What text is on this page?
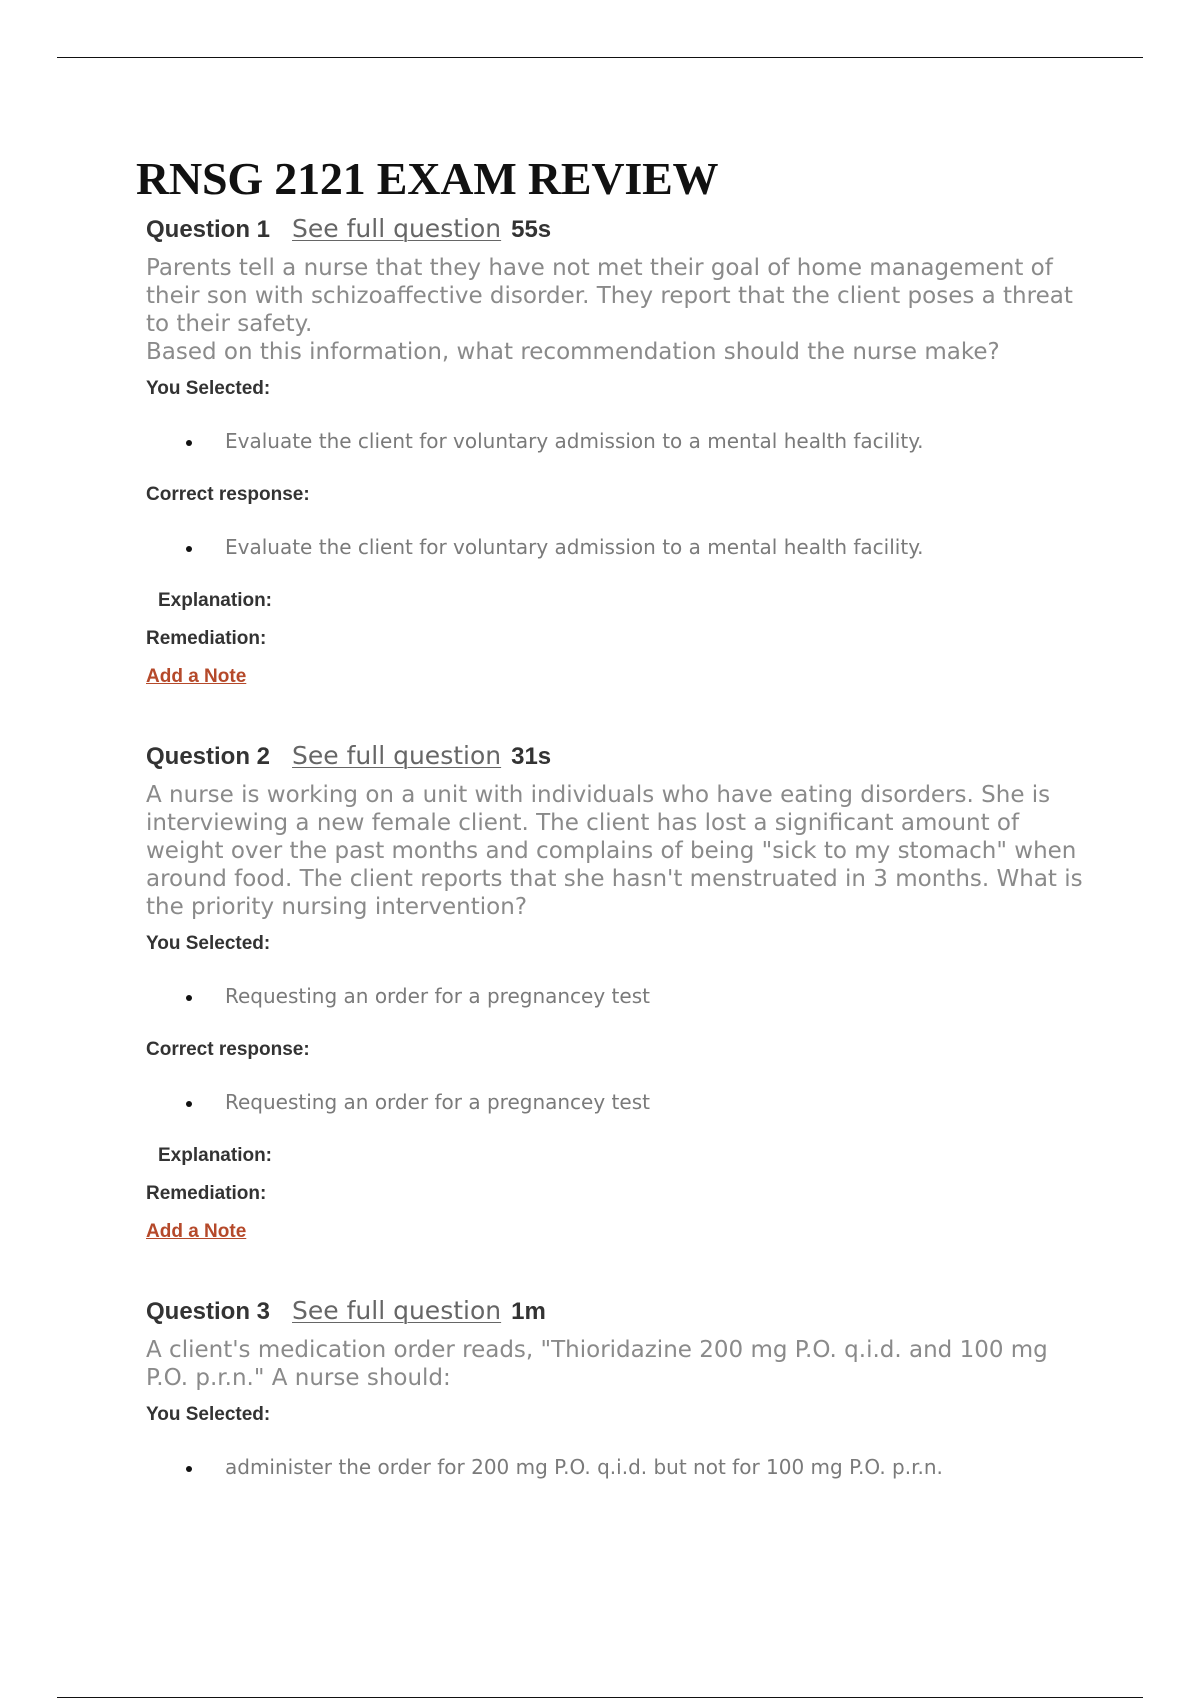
RNSG 2121 EXAM REVIEW
Question 1 See full question 55s

Parents tell a nurse that they have not met their goal of home management of their son with schizoaffective disorder. They report that the client poses a threat to their safety.

Based on this information, what recommendation should the nurse make?

You Selected:

Evaluate the client for voluntary admission to a mental health facility.

Correct response:

Evaluate the client for voluntary admission to a mental health facility.

Explanation:

Remediation:

Add a Note
Question 2 See full question 31s

A nurse is working on a unit with individuals who have eating disorders. She is interviewing a new female client. The client has lost a significant amount of weight over the past months and complains of being "sick to my stomach" when around food. The client reports that she hasn't menstruated in 3 months. What is the priority nursing intervention?

You Selected:

Requesting an order for a pregnancey test

Correct response:

Requesting an order for a pregnancey test

Explanation:

Remediation:

Add a Note
Question 3 See full question 1m

A client's medication order reads, "Thioridazine 200 mg P.O. q.i.d. and 100 mg P.O. p.r.n." A nurse should:

You Selected:

administer the order for 200 mg P.O. q.i.d. but not for 100 mg P.O. p.r.n.
